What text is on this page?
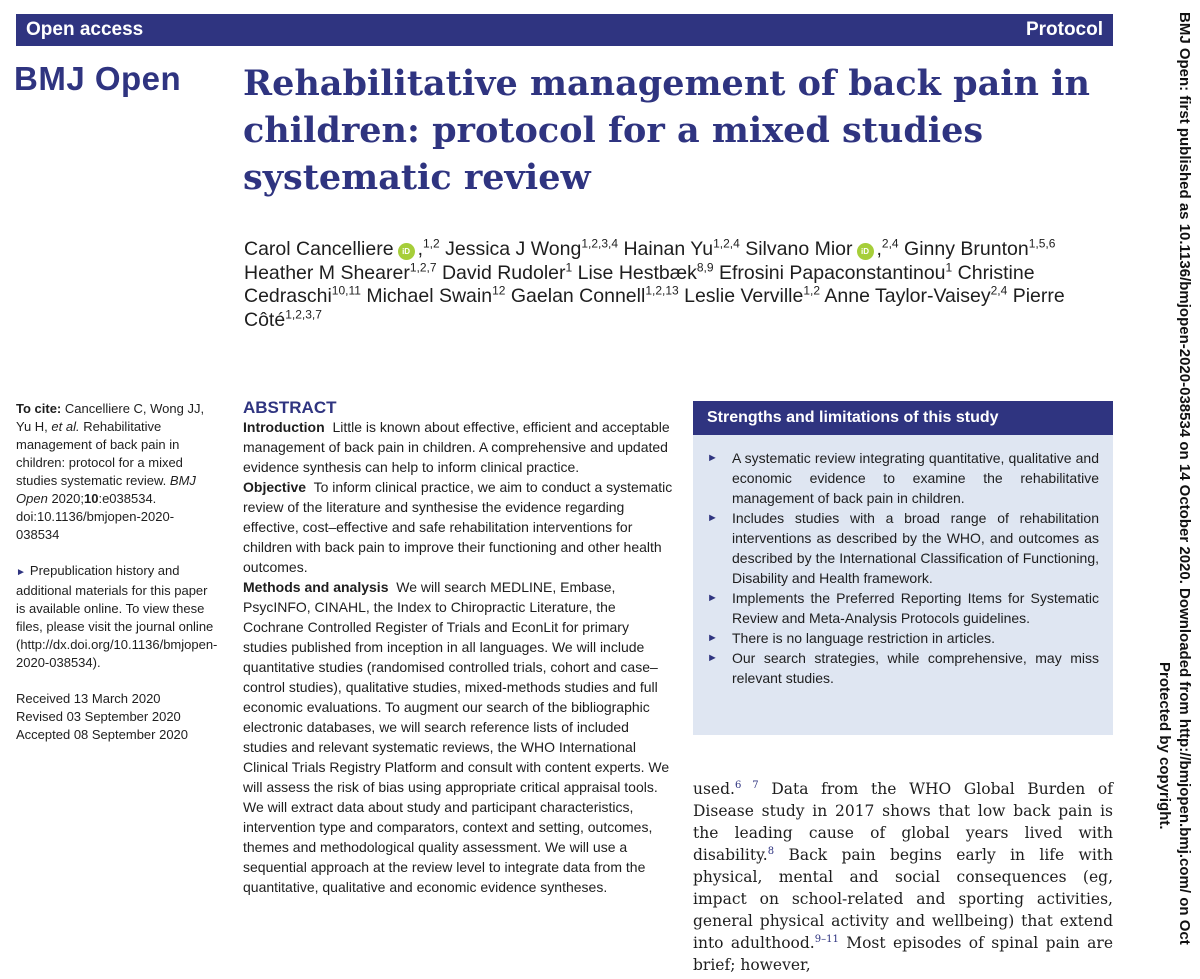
Open access	Protocol
BMJ Open Rehabilitative management of back pain in children: protocol for a mixed studies systematic review
Carol Cancelliere iD ,$^{1,2}$ Jessica J Wong$^{1,2,3,4}$ Hainan Yu$^{1,2,4}$ Silvano Mior iD ,$^{2,4}$ Ginny Brunton$^{1,5,6}$ Heather M Shearer$^{1,2,7}$ David Rudoler$^1$ Lise Hestbæk$^{8,9}$ Efrosini Papaconstantinou$^1$ Christine Cedraschi$^{10,11}$ Michael Swain$^{12}$ Gaelan Connell$^{1,2,13}$ Leslie Verville$^{1,2}$ Anne Taylor-Vaisey$^{2,4}$ Pierre Côté$^{1,2,3,7}$

To cite: Cancelliere C, Wong JJ, Yu H, et al. Rehabilitative management of back pain in children: protocol for a mixed studies systematic review. BMJ Open 2020;10:e038534. doi:10.1136/bmjopen-2020-038534

► Prepublication history and additional materials for this paper is available online. To view these files, please visit the journal online (http://dx.doi.org/10.1136/bmjopen-2020-038534).

Received 13 March 2020
Revised 03 September 2020
Accepted 08 September 2020
ABSTRACT

Introduction Little is known about effective, efficient and acceptable management of back pain in children. A comprehensive and updated evidence synthesis can help to inform clinical practice.

Objective To inform clinical practice, we aim to conduct a systematic review of the literature and synthesise the evidence regarding effective, cost–effective and safe rehabilitation interventions for children with back pain to improve their functioning and other health outcomes.

Methods and analysis We will search MEDLINE, Embase, PsycINFO, CINAHL, the Index to Chiropractic Literature, the Cochrane Controlled Register of Trials and EconLit for primary studies published from inception in all languages. We will include quantitative studies (randomised controlled trials, cohort and case–control studies), qualitative studies, mixed-methods studies and full economic evaluations. To augment our search of the bibliographic electronic databases, we will search reference lists of included studies and relevant systematic reviews, the WHO International Clinical Trials Registry Platform and consult with content experts. We will assess the risk of bias using appropriate critical appraisal tools. We will extract data about study and participant characteristics, intervention type and comparators, context and setting, outcomes, themes and methodological quality assessment. We will use a sequential approach at the review level to integrate data from the quantitative, qualitative and economic evidence syntheses.

Strengths and limitations of this study
► A systematic review integrating quantitative, qualitative and economic evidence to examine the rehabilitative management of back pain in children.
► Includes studies with a broad range of rehabilitation interventions as described by the WHO, and outcomes as described by the International Classification of Functioning, Disability and Health framework.
► Implements the Preferred Reporting Items for Systematic Review and Meta-Analysis Protocols guidelines.
► There is no language restriction in articles.
► Our search strategies, while comprehensive, may miss relevant studies.
used.$^{6 7}$ Data from the WHO Global Burden of Disease study in 2017 shows that low back pain is the leading cause of global years lived with disability.$^8$ Back pain begins early in life with physical, mental and social consequences (eg, impact on school-related and sporting activities, general physical activity and wellbeing) that extend into adulthood.$^{9-11}$ Most episodes of spinal pain are brief; however,
BMJ Open: first published as 10.1136/bmjopen-2020-038534 on 14 October 2020. Downloaded from http://bmjopen.bmj.com/ on Oct
Protected by copyright.
